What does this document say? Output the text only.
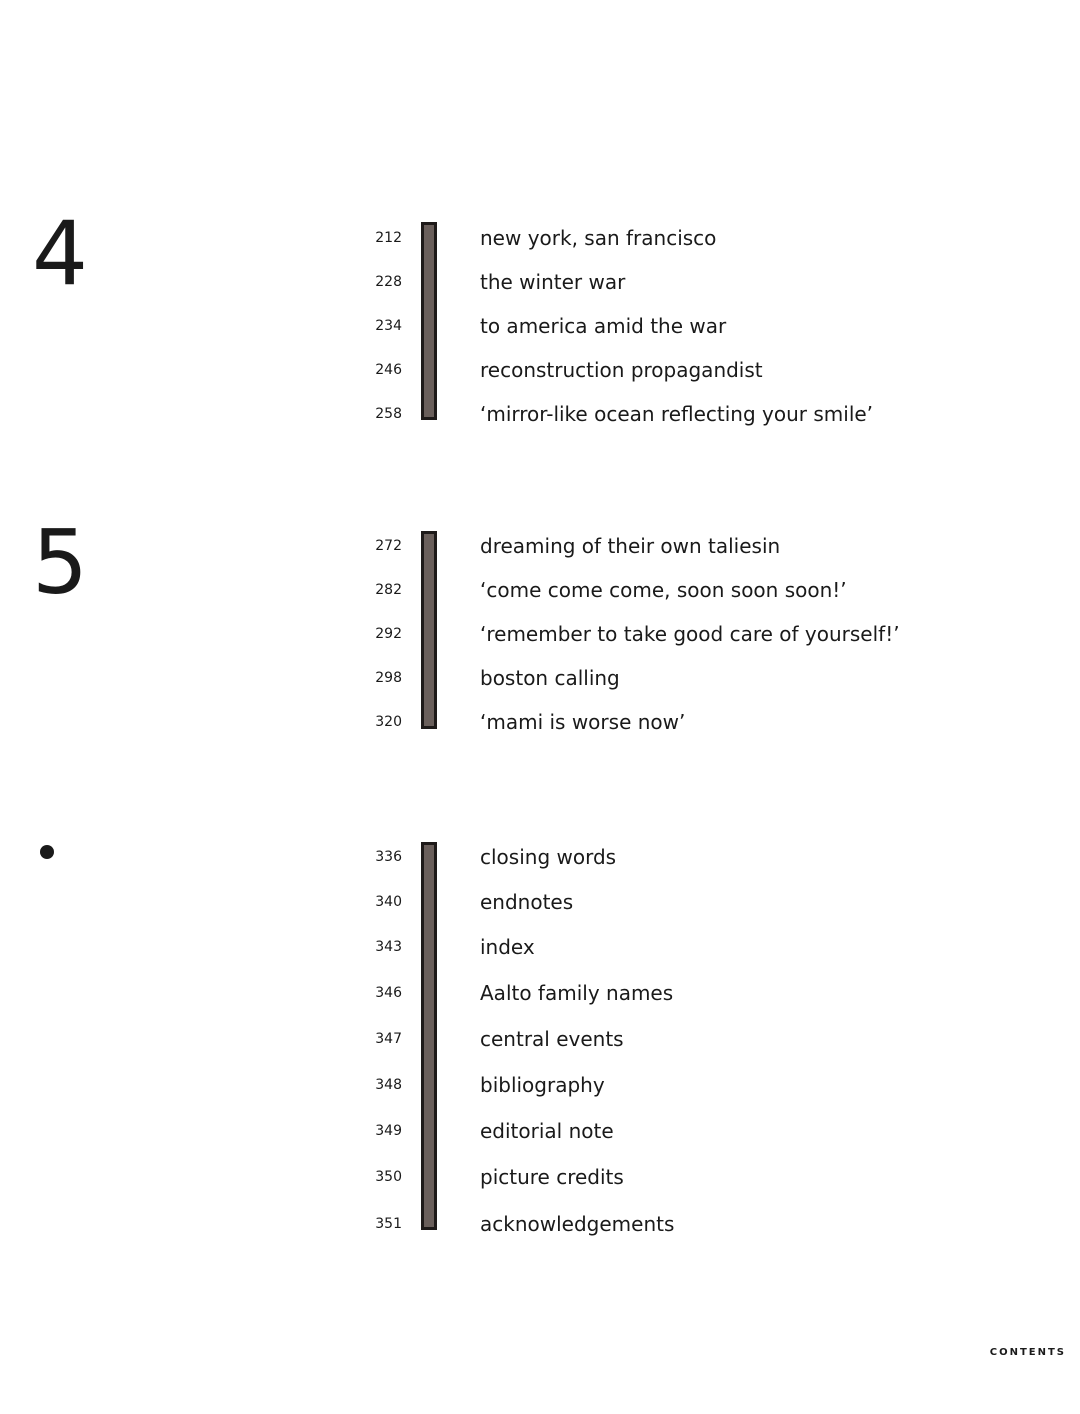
4	212	new york, san francisco
228	the winter war
234	to america amid the war
246	reconstruction propagandist
258	‘mirror-like ocean reflecting your smile’
5	272	dreaming of their own taliesin
282	‘come come come, soon soon soon!’
292	‘remember to take good care of yourself!’
298	boston calling
320	‘mami is worse now’
336	closing words
340	endnotes
343	index
346	Aalto family names
347	central events
348	bibliography
349	editorial note
350	picture credits
351	acknowledgements
CONTENTS
